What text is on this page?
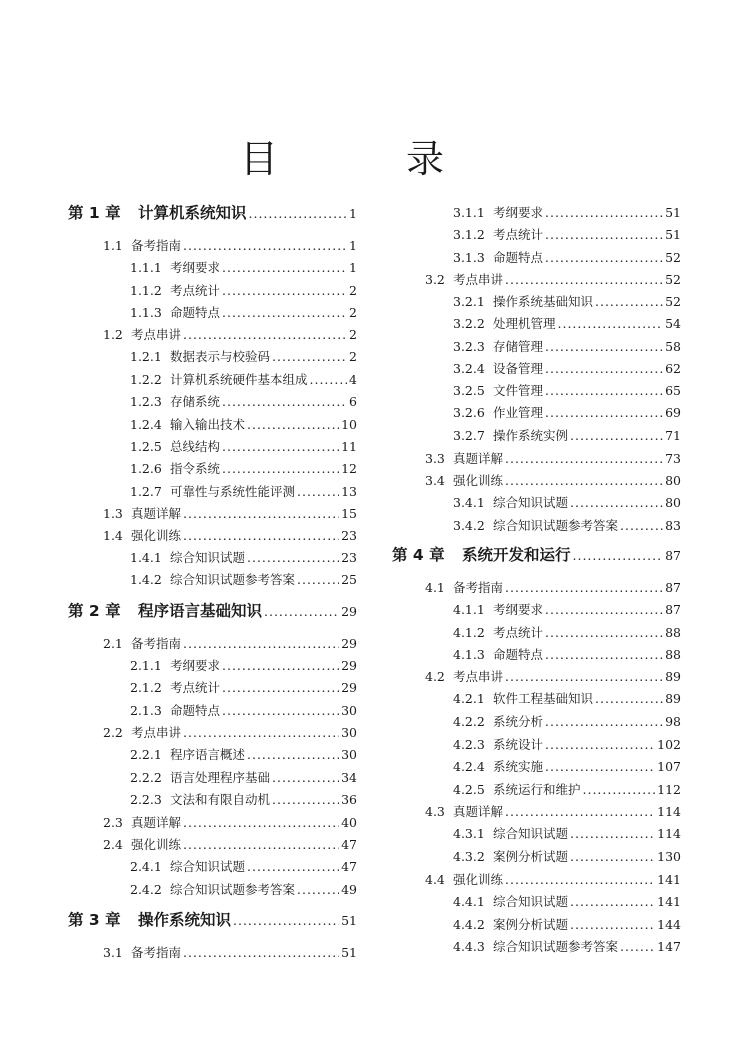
目 录
第 1 章	计算机系统知识 .....	1
1.1 备考指南 .....	1
1.1.1 考纲要求 .....	1
1.1.2 考点统计 .....	2
1.1.3 命题特点 .....	2
1.2 考点串讲 .....	2
1.2.1 数据表示与校验码 .....	2
1.2.2 计算机系统硬件基本组成 .....	4
1.2.3 存储系统 .....	6
1.2.4 输入输出技术 .....	10
1.2.5 总线结构 .....	11
1.2.6 指令系统 .....	12
1.2.7 可靠性与系统性能评测 .....	13
1.3 真题详解 .....	15
1.4 强化训练 .....	23
1.4.1 综合知识试题 .....	23
1.4.2 综合知识试题参考答案 .....	25
第 2 章	程序语言基础知识 .....	29
2.1 备考指南 .....	29
2.1.1 考纲要求 .....	29
2.1.2 考点统计 .....	29
2.1.3 命题特点 .....	30
2.2 考点串讲 .....	30
2.2.1 程序语言概述 .....	30
2.2.2 语言处理程序基础 .....	34
2.2.3 文法和有限自动机 .....	36
2.3 真题详解 .....	40
2.4 强化训练 .....	47
2.4.1 综合知识试题 .....	47
2.4.2 综合知识试题参考答案 .....	49
第 3 章	操作系统知识 .....	51
3.1 备考指南 .....	51
3.1.1 考纲要求 .....	51
3.1.2 考点统计 .....	51
3.1.3 命题特点 .....	52
3.2 考点串讲 .....	52
3.2.1 操作系统基础知识 .....	52
3.2.2 处理机管理 .....	54
3.2.3 存储管理 .....	58
3.2.4 设备管理 .....	62
3.2.5 文件管理 .....	65
3.2.6 作业管理 .....	69
3.2.7 操作系统实例 .....	71
3.3 真题详解 .....	73
3.4 强化训练 .....	80
3.4.1 综合知识试题 .....	80
3.4.2 综合知识试题参考答案 .....	83
第 4 章	系统开发和运行 .....	87
4.1 备考指南 .....	87
4.1.1 考纲要求 .....	87
4.1.2 考点统计 .....	88
4.1.3 命题特点 .....	88
4.2 考点串讲 .....	89
4.2.1 软件工程基础知识 .....	89
4.2.2 系统分析 .....	98
4.2.3 系统设计 .....	102
4.2.4 系统实施 .....	107
4.2.5 系统运行和维护 .....	112
4.3 真题详解 .....	114
4.3.1 综合知识试题 .....	114
4.3.2 案例分析试题 .....	130
4.4 强化训练 .....	141
4.4.1 综合知识试题 .....	141
4.4.2 案例分析试题 .....	144
4.4.3 综合知识试题参考答案 .....	147
